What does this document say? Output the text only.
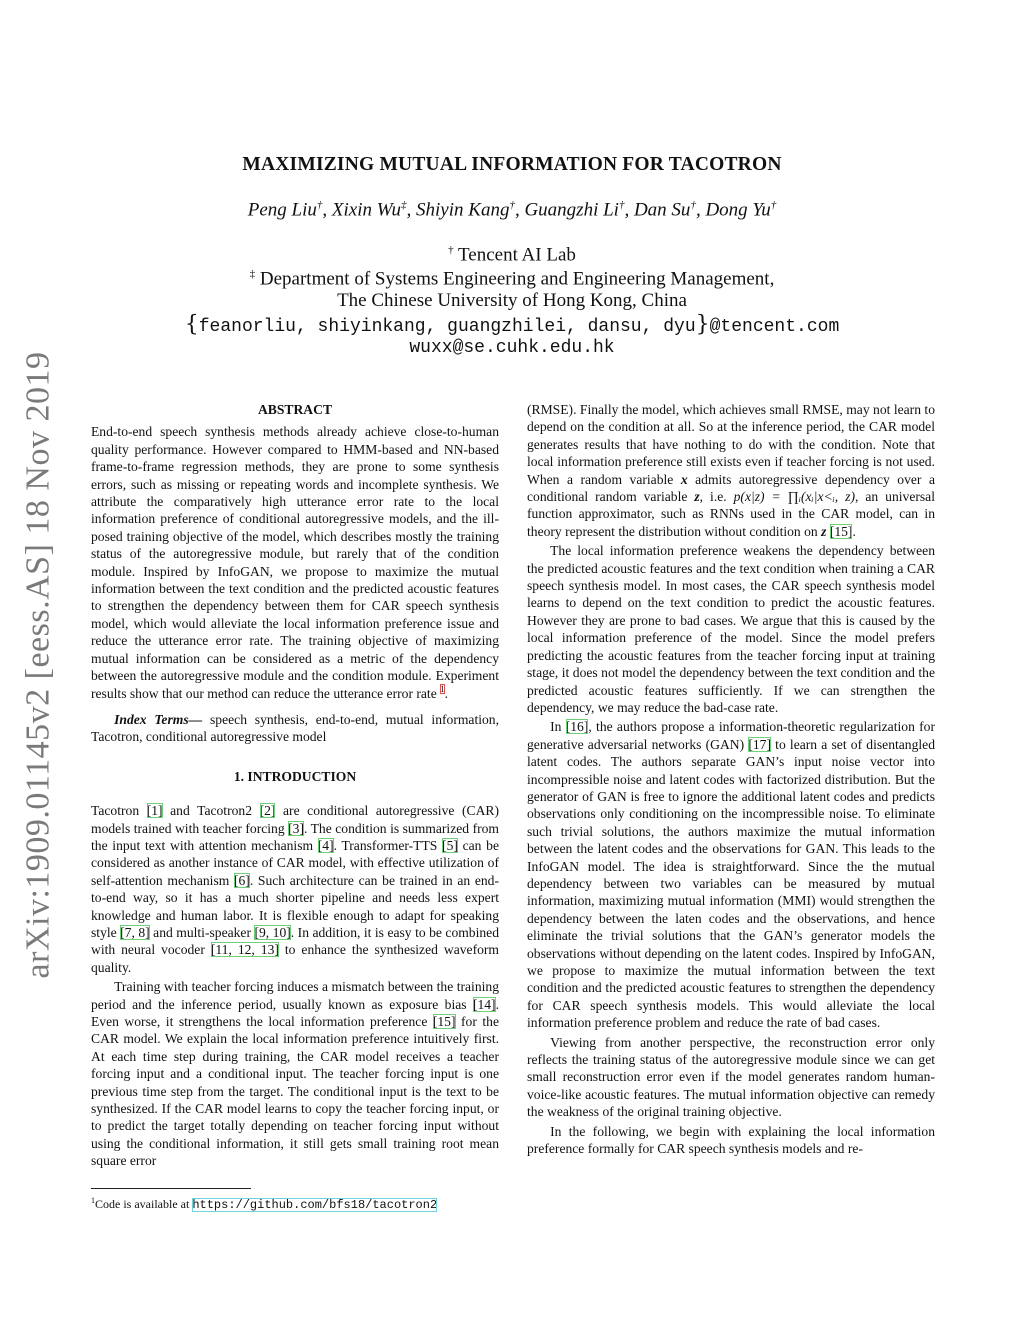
arXiv:1909.01145v2 [eess.AS] 18 Nov 2019
MAXIMIZING MUTUAL INFORMATION FOR TACOTRON
Peng Liu†, Xixin Wu‡, Shiyin Kang†, Guangzhi Li†, Dan Su†, Dong Yu†
† Tencent AI Lab
‡ Department of Systems Engineering and Engineering Management,
The Chinese University of Hong Kong, China
{feanorliu, shiyinkang, guangzhilei, dansu, dyu}@tencent.com
wuxx@se.cuhk.edu.hk
ABSTRACT

End-to-end speech synthesis methods already achieve close-to-human quality performance. However compared to HMM-based and NN-based frame-to-frame regression methods, they are prone to some synthesis errors, such as missing or repeating words and incomplete synthesis. We attribute the comparatively high utterance error rate to the local information preference of conditional autoregressive models, and the ill-posed training objective of the model, which describes mostly the training status of the autoregressive module, but rarely that of the condition module. Inspired by InfoGAN, we propose to maximize the mutual information between the text condition and the predicted acoustic features to strengthen the dependency between them for CAR speech synthesis model, which would alleviate the local information preference issue and reduce the utterance error rate. The training objective of maximizing mutual information can be considered as a metric of the dependency between the autoregressive module and the condition module. Experiment results show that our method can reduce the utterance error rate $^1$.

Index Terms— speech synthesis, end-to-end, mutual information, Tacotron, conditional autoregressive model

1. INTRODUCTION

Tacotron [1] and Tacotron2 [2] are conditional autoregressive (CAR) models trained with teacher forcing [3]. The condition is summarized from the input text with attention mechanism [4]. Transformer-TTS [5] can be considered as another instance of CAR model, with effective utilization of self-attention mechanism [6]. Such architecture can be trained in an end-to-end way, so it has a much shorter pipeline and needs less expert knowledge and human labor. It is flexible enough to adapt for speaking style [7, 8] and multi-speaker [9, 10]. In addition, it is easy to be combined with neural vocoder [11, 12, 13] to enhance the synthesized waveform quality.

Training with teacher forcing induces a mismatch between the training period and the inference period, usually known as exposure bias [14]. Even worse, it strengthens the local information preference [15] for the CAR model. We explain the local information preference intuitively first. At each time step during training, the CAR model receives a teacher forcing input and a conditional input. The teacher forcing input is one previous time step from the target. The conditional input is the text to be synthesized. If the CAR model learns to copy the teacher forcing input, or to predict the target totally depending on teacher forcing input without using the conditional information, it still gets small training root mean square error

$^1$Code is available at https://github.com/bfs18/tacotron2

(RMSE). Finally the model, which achieves small RMSE, may not learn to depend on the condition at all. So at the inference period, the CAR model generates results that have nothing to do with the condition. Note that local information preference still exists even if teacher forcing is not used. When a random variable x admits autoregressive dependency over a conditional random variable z, i.e. p(x|z) = ∏ᵢ(xᵢ|x<ᵢ, z), an universal function approximator, such as RNNs used in the CAR model, can in theory represent the distribution without condition on z [15].

The local information preference weakens the dependency between the predicted acoustic features and the text condition when training a CAR speech synthesis model. In most cases, the CAR speech synthesis model learns to depend on the text condition to predict the acoustic features. However they are prone to bad cases. We argue that this is caused by the local information preference of the model. Since the model prefers predicting the acoustic features from the teacher forcing input at training stage, it does not model the dependency between the text condition and the predicted acoustic features sufficiently. If we can strengthen the dependency, we may reduce the bad-case rate.

In [16], the authors propose a information-theoretic regularization for generative adversarial networks (GAN) [17] to learn a set of disentangled latent codes. The authors separate GAN’s input noise vector into incompressible noise and latent codes with factorized distribution. But the generator of GAN is free to ignore the additional latent codes and predicts observations only conditioning on the incompressible noise. To eliminate such trivial solutions, the authors maximize the mutual information between the latent codes and the observations for GAN. This leads to the InfoGAN model. The idea is straightforward. Since the the mutual dependency between two variables can be measured by mutual information, maximizing mutual information (MMI) would strengthen the dependency between the laten codes and the observations, and hence eliminate the trivial solutions that the GAN’s generator models the observations without depending on the latent codes. Inspired by InfoGAN, we propose to maximize the mutual information between the text condition and the predicted acoustic features to strengthen the dependency for CAR speech synthesis models. This would alleviate the local information preference problem and reduce the rate of bad cases.

Viewing from another perspective, the reconstruction error only reflects the training status of the autoregressive module since we can get small reconstruction error even if the model generates random human-voice-like acoustic features. The mutual information objective can remedy the weakness of the original training objective.

In the following, we begin with explaining the local information preference formally for CAR speech synthesis models and re-
